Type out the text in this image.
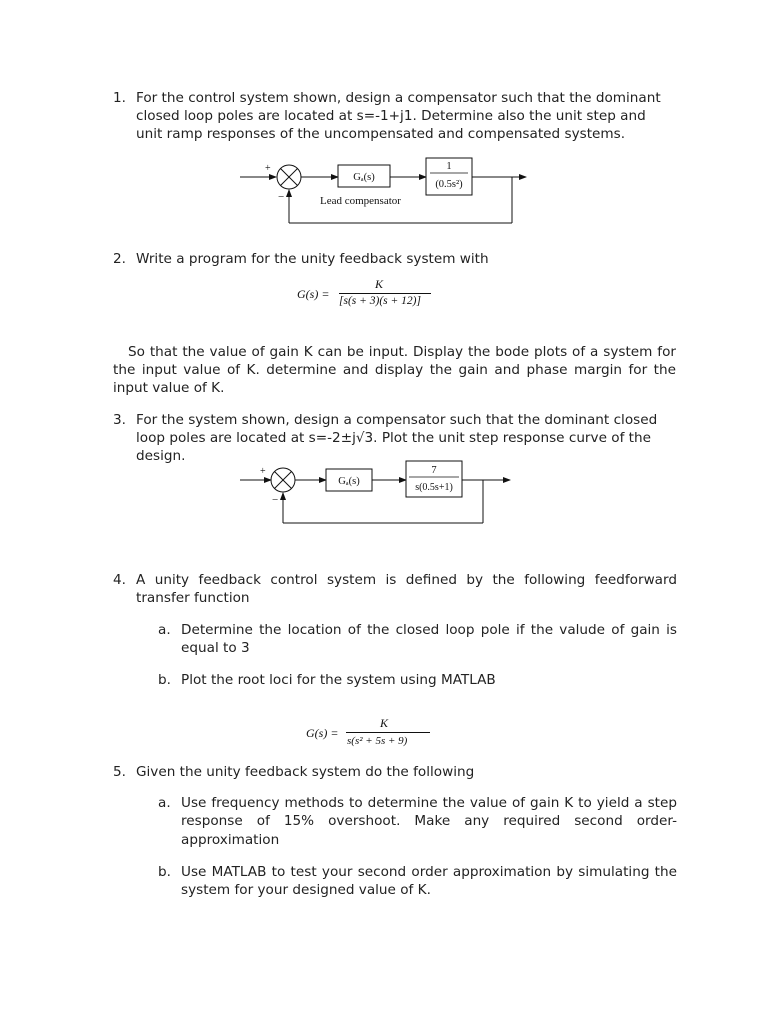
1. For the control system shown, design a compensator such that the dominant
closed loop poles are located at s=-1+j1. Determine also the unit step and
unit ramp responses of the uncompensated and compensated systems.
+
−
Gₐ(s)
1
(0.5s²)
Lead compensator
2. Write a program for the unity feedback system with
G(s) =
K
[s(s + 3)(s + 12)]
So that the value of gain K can be input. Display the bode plots of a system for
the input value of K. determine and display the gain and phase margin for the
input value of K.
3. For the system shown, design a compensator such that the dominant closed
loop poles are located at s=-2±j√3. Plot the unit step response curve of the
design.
+
−
Gₐ(s)
7
s(0.5s+1)
4. A unity feedback control system is defined by the following feedforward
transfer function
a. Determine the location of the closed loop pole if the valude of gain is
equal to 3
b. Plot the root loci for the system using MATLAB
G(s) =
K
s(s² + 5s + 9)
5. Given the unity feedback system do the following
a. Use frequency methods to determine the value of gain K to yield a step
response of 15% overshoot. Make any required second order-
approximation
b. Use MATLAB to test your second order approximation by simulating the
system for your designed value of K.
